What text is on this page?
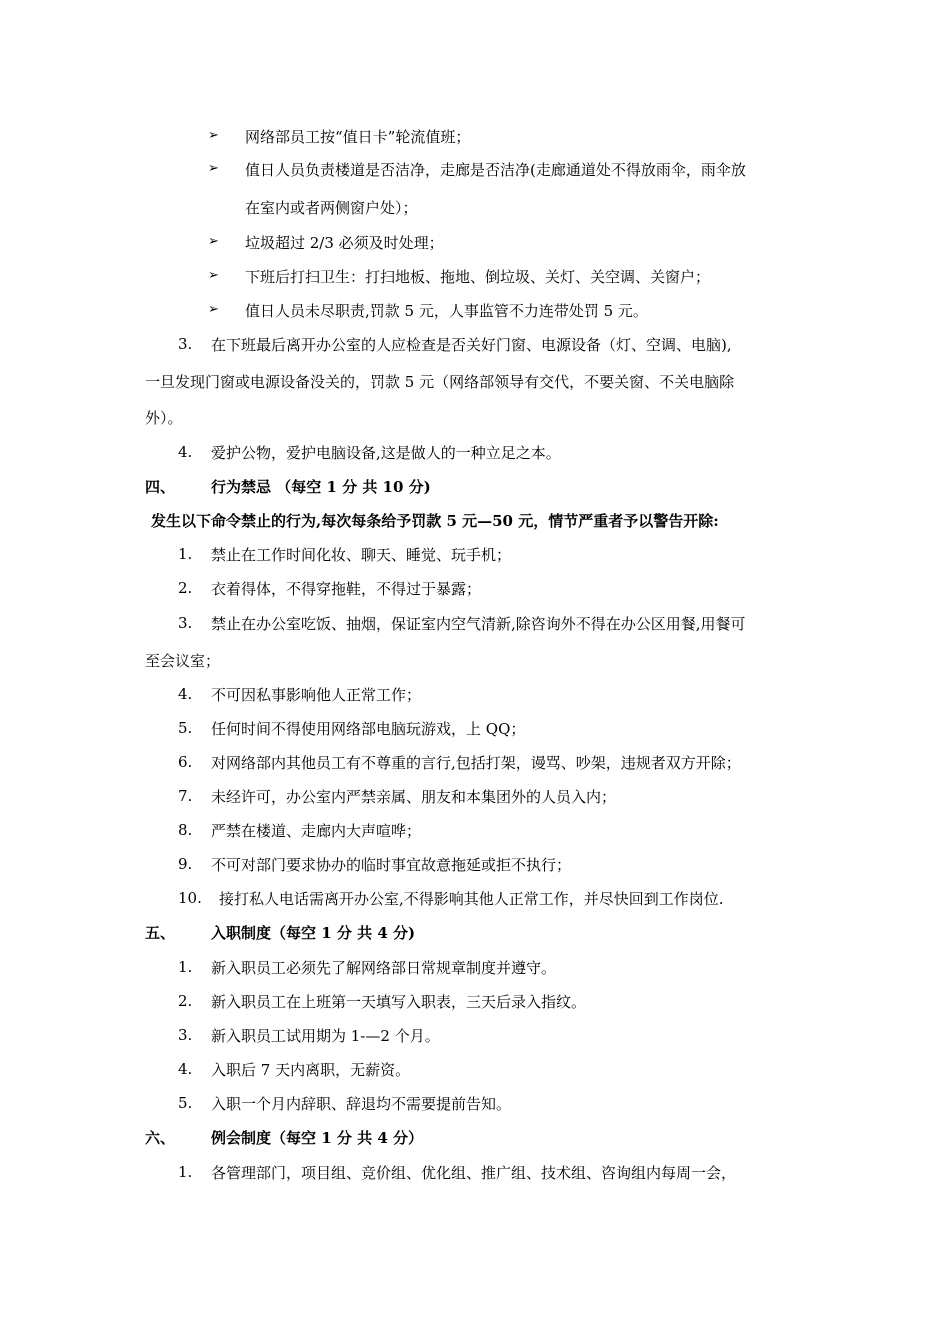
➢ 网络部员工按“值日卡”轮流值班；
➢ 值日人员负责楼道是否洁净，走廊是否洁净(走廊通道处不得放雨伞，雨伞放
在室内或者两侧窗户处）；
➢ 垃圾超过 2/3 必须及时处理；
➢ 下班后打扫卫生：打扫地板、拖地、倒垃圾、关灯、关空调、关窗户；
➢ 值日人员未尽职责,罚款 5 元，人事监管不力连带处罚 5 元。
3. 在下班最后离开办公室的人应检查是否关好门窗、电源设备（灯、空调、电脑),
一旦发现门窗或电源设备没关的，罚款 5 元（网络部领导有交代，不要关窗、不关电脑除
外）。
4. 爱护公物，爱护电脑设备,这是做人的一种立足之本。
四、 行为禁忌 （每空 1 分 共 10 分)
发生以下命令禁止的行为,每次每条给予罚款 5 元—50 元，情节严重者予以警告开除:
1. 禁止在工作时间化妆、聊天、睡觉、玩手机；
2. 衣着得体，不得穿拖鞋，不得过于暴露；
3. 禁止在办公室吃饭、抽烟，保证室内空气清新,除咨询外不得在办公区用餐,用餐可
至会议室；
4. 不可因私事影响他人正常工作；
5. 任何时间不得使用网络部电脑玩游戏，上 QQ；
6. 对网络部内其他员工有不尊重的言行,包括打架，谩骂、吵架，违规者双方开除；
7. 未经许可，办公室内严禁亲属、朋友和本集团外的人员入内；
8. 严禁在楼道、走廊内大声喧哗；
9. 不可对部门要求协办的临时事宜故意拖延或拒不执行；
10. 接打私人电话需离开办公室,不得影响其他人正常工作，并尽快回到工作岗位.
五、 入职制度（每空 1 分 共 4 分)
1. 新入职员工必须先了解网络部日常规章制度并遵守。
2. 新入职员工在上班第一天填写入职表，三天后录入指纹。
3. 新入职员工试用期为 1-—2 个月。
4. 入职后 7 天内离职，无薪资。
5. 入职一个月内辞职、辞退均不需要提前告知。
六、 例会制度（每空 1 分 共 4 分）
1. 各管理部门，项目组、竞价组、优化组、推广组、技术组、咨询组内每周一会，
